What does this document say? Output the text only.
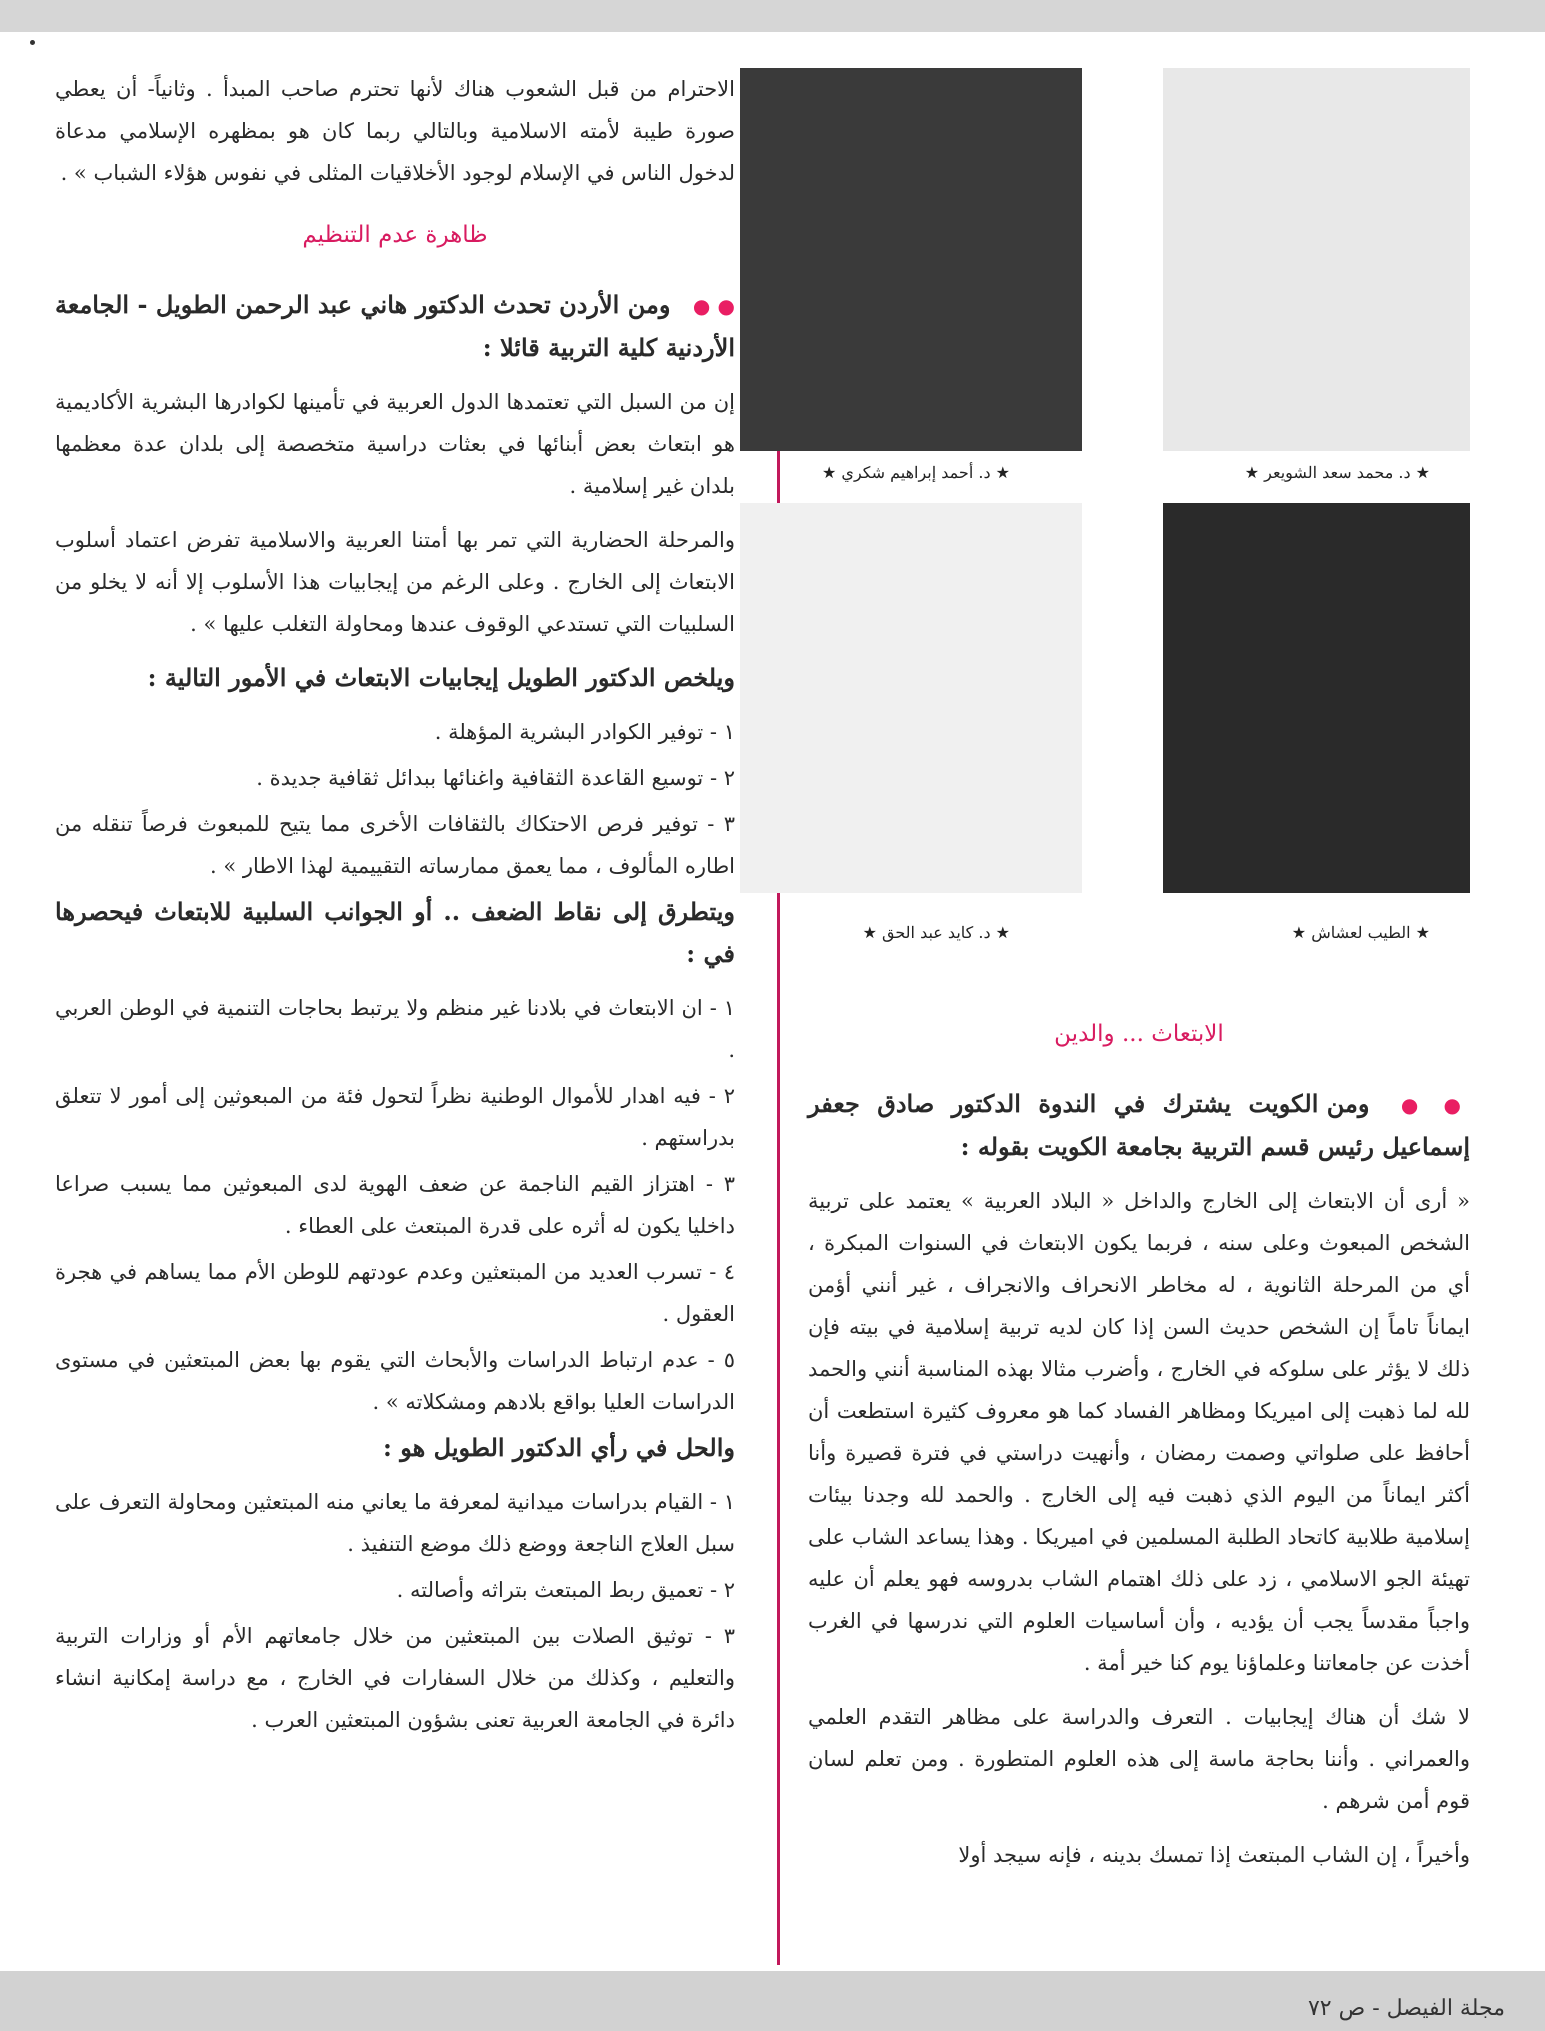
الاحترام من قبل الشعوب هناك لأنها تحترم صاحب المبدأ . وثانياً- أن يعطي صورة طيبة لأمته الاسلامية وبالتالي ربما كان هو بمظهره الإسلامي مدعاة لدخول الناس في الإسلام لوجود الأخلاقيات المثلى في نفوس هؤلاء الشباب » .

ظاهرة عدم التنظيم

● ● ومن الأردن تحدث الدكتور هاني عبد الرحمن الطويل - الجامعة الأردنية كلية التربية قائلا :

إن من السبل التي تعتمدها الدول العربية في تأمينها لكوادرها البشرية الأكاديمية هو ابتعاث بعض أبنائها في بعثات دراسية متخصصة إلى بلدان عدة معظمها بلدان غير إسلامية .

والمرحلة الحضارية التي تمر بها أمتنا العربية والاسلامية تفرض اعتماد أسلوب الابتعاث إلى الخارج . وعلى الرغم من إيجابيات هذا الأسلوب إلا أنه لا يخلو من السلبيات التي تستدعي الوقوف عندها ومحاولة التغلب عليها » .

ويلخص الدكتور الطويل إيجابيات الابتعاث في الأمور التالية :

١ - توفير الكوادر البشرية المؤهلة .

٢ - توسيع القاعدة الثقافية واغنائها ببدائل ثقافية جديدة .

٣ - توفير فرص الاحتكاك بالثقافات الأخرى مما يتيح للمبعوث فرصاً تنقله من اطاره المألوف ، مما يعمق ممارساته التقييمية لهذا الاطار » .

ويتطرق إلى نقاط الضعف .. أو الجوانب السلبية للابتعاث فيحصرها في :

١ - ان الابتعاث في بلادنا غير منظم ولا يرتبط بحاجات التنمية في الوطن العربي .

٢ - فيه اهدار للأموال الوطنية نظراً لتحول فئة من المبعوثين إلى أمور لا تتعلق بدراستهم .

٣ - اهتزاز القيم الناجمة عن ضعف الهوية لدى المبعوثين مما يسبب صراعا داخليا يكون له أثره على قدرة المبتعث على العطاء .

٤ - تسرب العديد من المبتعثين وعدم عودتهم للوطن الأم مما يساهم في هجرة العقول .

٥ - عدم ارتباط الدراسات والأبحاث التي يقوم بها بعض المبتعثين في مستوى الدراسات العليا بواقع بلادهم ومشكلاته » .

والحل في رأي الدكتور الطويل هو :

١ - القيام بدراسات ميدانية لمعرفة ما يعاني منه المبتعثين ومحاولة التعرف على سبل العلاج الناجعة ووضع ذلك موضع التنفيذ .

٢ - تعميق ربط المبتعث بتراثه وأصالته .

٣ - توثيق الصلات بين المبتعثين من خلال جامعاتهم الأم أو وزارات التربية والتعليم ، وكذلك من خلال السفارات في الخارج ، مع دراسة إمكانية انشاء دائرة في الجامعة العربية تعنى بشؤون المبتعثين العرب .

★ د. محمد سعد الشويعر ★
★ د. أحمد إبراهيم شكري ★
★ الطيب لعشاش ★
★ د. كايد عبد الحق ★
الابتعاث ... والدين

● ● ومن الكويت يشترك في الندوة الدكتور صادق جعفر إسماعيل رئيس قسم التربية بجامعة الكويت بقوله :

« أرى أن الابتعاث إلى الخارج والداخل « البلاد العربية » يعتمد على تربية الشخص المبعوث وعلى سنه ، فربما يكون الابتعاث في السنوات المبكرة ، أي من المرحلة الثانوية ، له مخاطر الانحراف والانجراف ، غير أنني أؤمن ايماناً تاماً إن الشخص حديث السن إذا كان لديه تربية إسلامية في بيته فإن ذلك لا يؤثر على سلوكه في الخارج ، وأضرب مثالا بهذه المناسبة أنني والحمد لله لما ذهبت إلى اميريكا ومظاهر الفساد كما هو معروف كثيرة استطعت أن أحافظ على صلواتي وصمت رمضان ، وأنهيت دراستي في فترة قصيرة وأنا أكثر ايماناً من اليوم الذي ذهبت فيه إلى الخارج . والحمد لله وجدنا بيئات إسلامية طلابية كاتحاد الطلبة المسلمين في اميريكا . وهذا يساعد الشاب على تهيئة الجو الاسلامي ، زد على ذلك اهتمام الشاب بدروسه فهو يعلم أن عليه واجباً مقدساً يجب أن يؤديه ، وأن أساسيات العلوم التي ندرسها في الغرب أخذت عن جامعاتنا وعلماؤنا يوم كنا خير أمة .

لا شك أن هناك إيجابيات . التعرف والدراسة على مظاهر التقدم العلمي والعمراني . وأننا بحاجة ماسة إلى هذه العلوم المتطورة . ومن تعلم لسان قوم أمن شرهم .

وأخيراً ، إن الشاب المبتعث إذا تمسك بدينه ، فإنه سيجد أولا

مجلة الفيصل - ص ٧٢
